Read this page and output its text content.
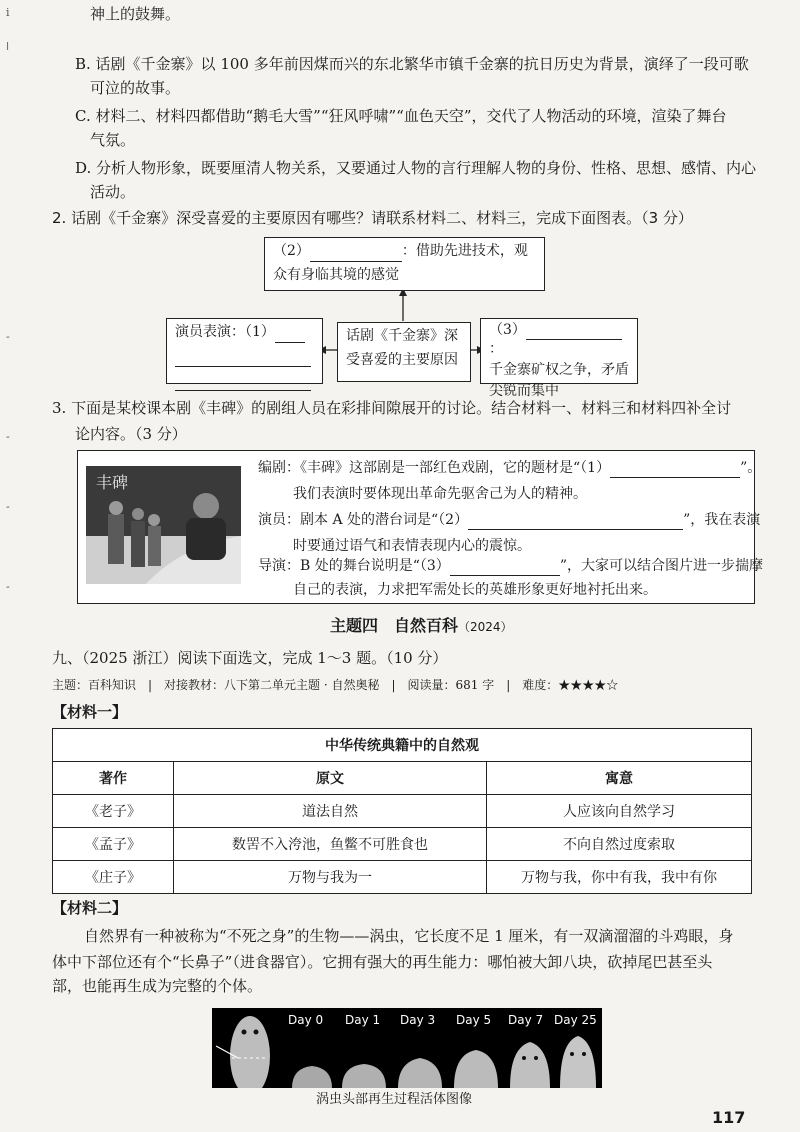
i
ǀ
-
-
-
-
神上的鼓舞。
B. 话剧《千金寨》以 100 多年前因煤而兴的东北繁华市镇千金寨的抗日历史为背景，演绎了一段可歌
可泣的故事。
C. 材料二、材料四都借助“鹅毛大雪”“狂风呼啸”“血色天空”，交代了人物活动的环境，渲染了舞台
气氛。
D. 分析人物形象，既要厘清人物关系，又要通过人物的言行理解人物的身份、性格、思想、感情、内心
活动。
2. 话剧《千金寨》深受喜爱的主要原因有哪些？请联系材料二、材料三，完成下面图表。（3 分）
（2）	：借助先进技术，观
众有身临其境的感觉
演员表演：（1）	话剧《千金寨》深
受喜爱的主要原因
（3）：
千金寨矿权之争，矛盾
尖锐而集中
3. 下面是某校课本剧《丰碑》的剧组人员在彩排间隙展开的讨论。结合材料一、材料三和材料四补全讨
论内容。（3 分）
丰碑
编剧：《丰碑》这部剧是一部红色戏剧，它的题材是“（1）	”。
我们表演时要体现出革命先驱舍己为人的精神。
演员：剧本 A 处的潜台词是“（2）	”，我在表演
时要通过语气和表情表现内心的震惊。
导演：B 处的舞台说明是“（3）	”，大家可以结合图片进一步揣摩
自己的表演，力求把军需处长的英雄形象更好地衬托出来。
主题四　自然百科（2024）
九、（2025 浙江）阅读下面选文，完成 1～3 题。（10 分）
主题：百科知识　|　对接教材：八下第二单元主题 · 自然奥秘　|　阅读量：681 字　|　难度：★★★★☆
【材料一】
中华传统典籍中的自然观		
著作	原文	寓意
《老子》	道法自然	人应该向自然学习
《孟子》	数罟不入洿池，鱼鳖不可胜食也	不向自然过度索取
《庄子》	万物与我为一	万物与我，你中有我，我中有你
【材料二】
自然界有一种被称为“不死之身”的生物——涡虫，它长度不足 1 厘米，有一双滴溜溜的斗鸡眼，身
体中下部位还有个“长鼻子”（进食器官）。它拥有强大的再生能力：哪怕被大卸八块，砍掉尾巴甚至头
部，也能再生成为完整的个体。
Day 0 Day 1 Day 3 Day 5 Day 7 Day 25
涡虫头部再生过程活体图像
117
